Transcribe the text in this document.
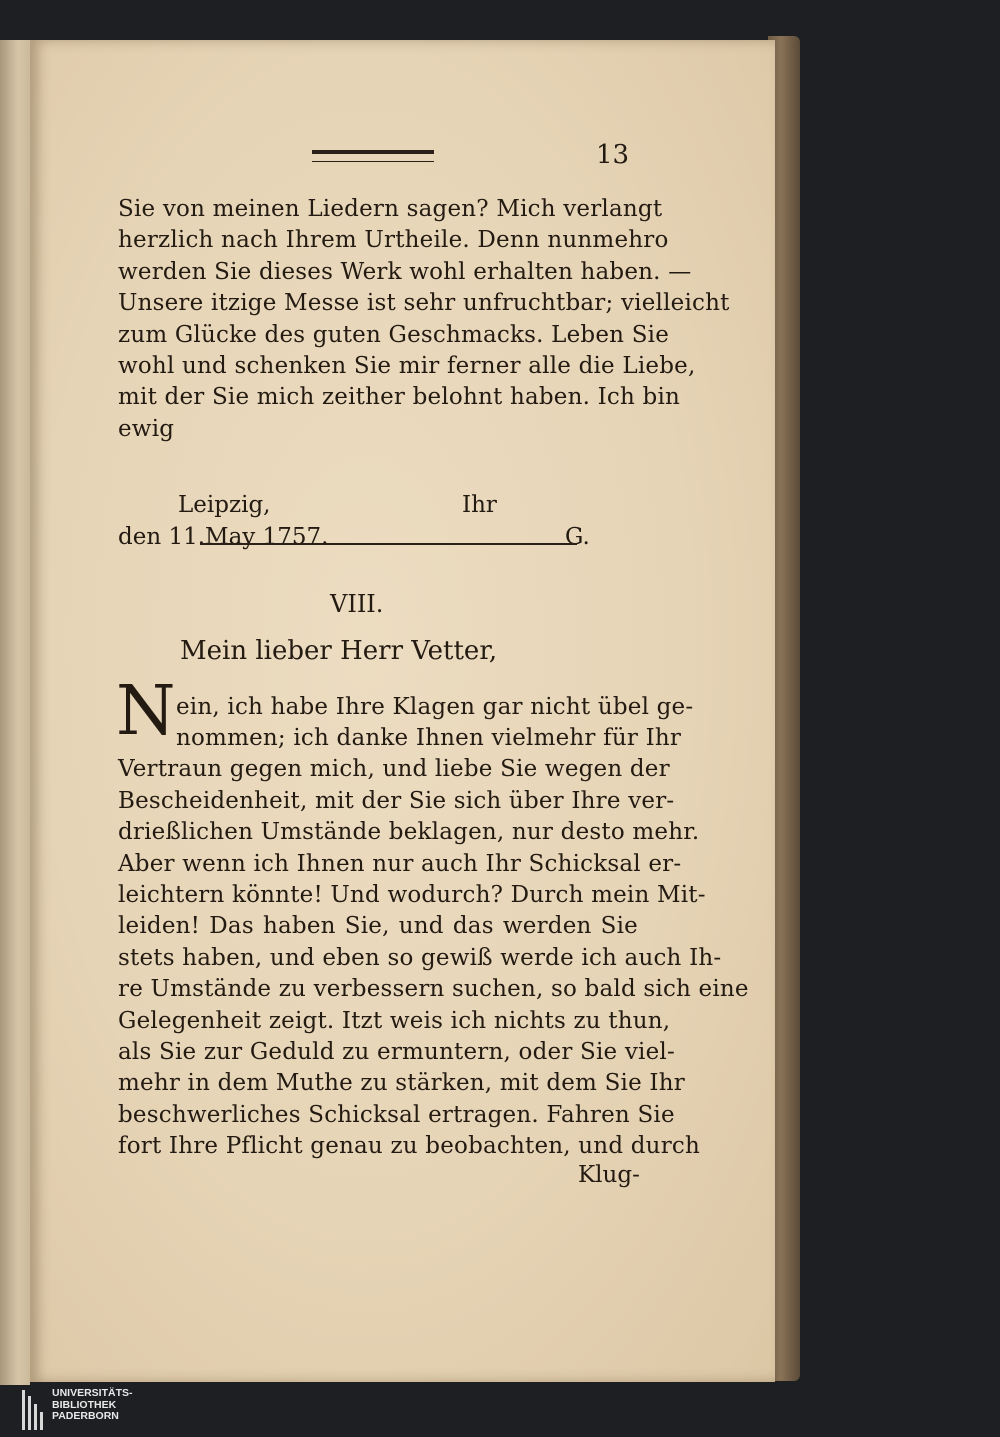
13
Sie von meinen Liedern sagen? Mich verlangt
herzlich nach Ihrem Urtheile. Denn nunmehro
werden Sie dieses Werk wohl erhalten haben. —
Unsere itzige Messe ist sehr unfruchtbar; vielleicht
zum Glücke des guten Geschmacks. Leben Sie
wohl und schenken Sie mir ferner alle die Liebe,
mit der Sie mich zeither belohnt haben. Ich bin
ewig
Leipzig,	Ihr
den 11.May 1757.	G.
VIII.
Mein lieber Herr Vetter,
N ein, ich habe Ihre Klagen gar nicht übel ge-
nommen; ich danke Ihnen vielmehr für Ihr
Vertraun gegen mich, und liebe Sie wegen der
Bescheidenheit, mit der Sie sich über Ihre ver-
drießlichen Umstände beklagen, nur desto mehr.
Aber wenn ich Ihnen nur auch Ihr Schicksal er-
leichtern könnte! Und wodurch? Durch mein Mit-
leiden! Das haben Sie, und das werden Sie
stets haben, und eben so gewiß werde ich auch Ih-
re Umstände zu verbessern suchen, so bald sich eine
Gelegenheit zeigt. Itzt weis ich nichts zu thun,
als Sie zur Geduld zu ermuntern, oder Sie viel-
mehr in dem Muthe zu stärken, mit dem Sie Ihr
beschwerliches Schicksal ertragen. Fahren Sie
fort Ihre Pflicht genau zu beobachten, und durch
Klug-
UNIVERSITÄTS-
BIBLIOTHEK
PADERBORN
